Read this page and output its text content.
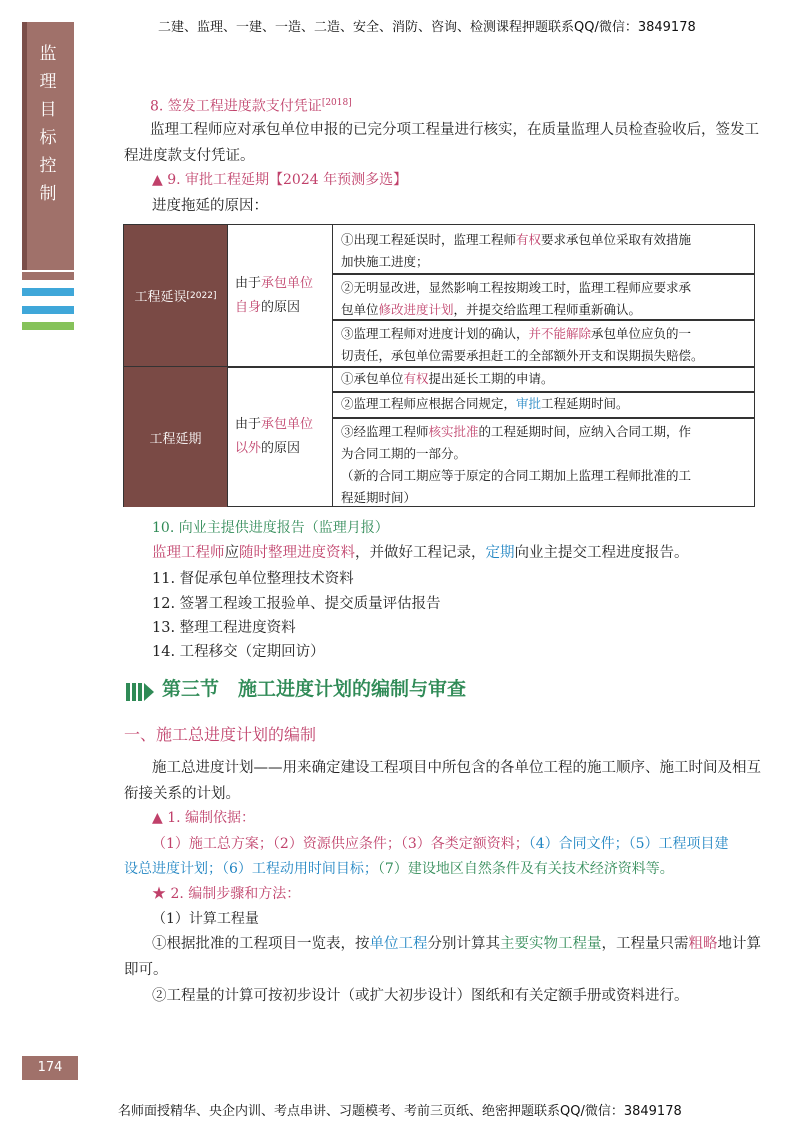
二建、监理、一建、一造、二造、安全、消防、咨询、检测课程押题联系QQ/微信：3849178
名师面授精华、央企内训、考点串讲、习题模考、考前三页纸、绝密押题联系QQ/微信：3849178
监
理
目
标
控
制
8. 签发工程进度款支付凭证[2018]
监理工程师应对承包单位申报的已完分项工程量进行核实，在质量监理人员检查验收后，签发工
程进度款支付凭证。
▲ 9. 审批工程延期【2024 年预测多选】
进度拖延的原因：
工程延误 [2022]
由于承包单位
自身的原因
①出现工程延误时，监理工程师有权要求承包单位采取有效措施
加快施工进度；
②无明显改进，显然影响工程按期竣工时，监理工程师应要求承
包单位修改进度计划，并提交给监理工程师重新确认。
③监理工程师对进度计划的确认，并不能解除承包单位应负的一
切责任，承包单位需要承担赶工的全部额外开支和误期损失赔偿。
工程延期
由于承包单位
以外的原因
①承包单位有权提出延长工期的申请。
②监理工程师应根据合同规定，审批工程延期时间。
③经监理工程师核实批准的工程延期时间，应纳入合同工期，作
为合同工期的一部分。
（新的合同工期应等于原定的合同工期加上监理工程师批准的工
程延期时间）
10. 向业主提供进度报告（监理月报）
监理工程师应随时整理进度资料，并做好工程记录，定期向业主提交工程进度报告。
11. 督促承包单位整理技术资料
12. 签署工程竣工报验单、提交质量评估报告
13. 整理工程进度资料
14. 工程移交（定期回访）
第三节　施工进度计划的编制与审查
一、施工总进度计划的编制
施工总进度计划——用来确定建设工程项目中所包含的各单位工程的施工顺序、施工时间及相互
衔接关系的计划。
▲ 1. 编制依据：
（1）施工总方案；（2）资源供应条件；（3）各类定额资料；（4）合同文件；（5）工程项目建
设总进度计划；（6）工程动用时间目标；（7）建设地区自然条件及有关技术经济资料等。
★ 2. 编制步骤和方法：
（1）计算工程量
①根据批准的工程项目一览表，按单位工程分别计算其主要实物工程量，工程量只需粗略地计算
即可。
②工程量的计算可按初步设计（或扩大初步设计）图纸和有关定额手册或资料进行。
174
